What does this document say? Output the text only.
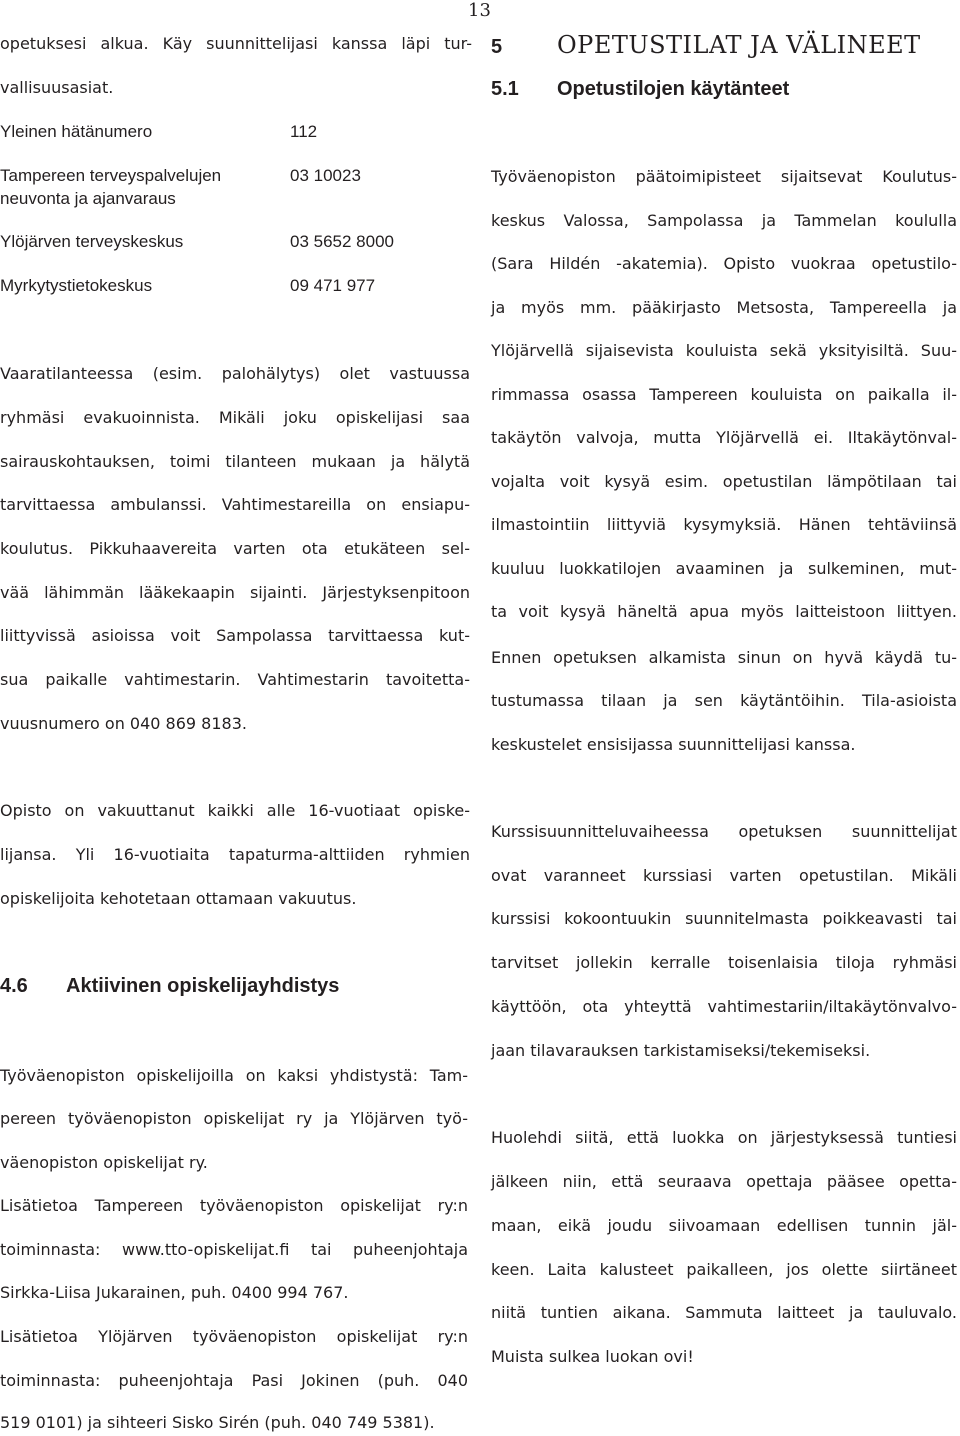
13
opetuksesi alkua. Käy suunnittelijasi kanssa läpi tur-
vallisuusasiat.
Yleinen hätänumero	112
Tampereen terveyspalvelujen
neuvonta ja ajanvaraus
03 10023
Ylöjärven terveyskeskus	03 5652 8000
Myrkytystietokeskus	09 471 977
Vaaratilanteessa (esim. palohälytys) olet vastuussa
ryhmäsi evakuoinnista. Mikäli joku opiskelijasi saa
sairauskohtauksen, toimi tilanteen mukaan ja hälytä
tarvittaessa ambulanssi. Vahtimestareilla on ensiapu-
koulutus. Pikkuhaavereita varten ota etukäteen sel-
vää lähimmän lääkekaapin sijainti. Järjestyksenpitoon
liittyvissä asioissa voit Sampolassa tarvittaessa kut-
sua paikalle vahtimestarin. Vahtimestarin tavoitetta-
vuusnumero on 040 869 8183.
Opisto on vakuuttanut kaikki alle 16-vuotiaat opiske-
lijansa. Yli 16-vuotiaita tapaturma-alttiiden ryhmien
opiskelijoita kehotetaan ottamaan vakuutus.
4.6 Aktiivinen opiskelijayhdistys
Työväenopiston opiskelijoilla on kaksi yhdistystä: Tam-
pereen työväenopiston opiskelijat ry ja Ylöjärven työ-
väenopiston opiskelijat ry.
Lisätietoa Tampereen työväenopiston opiskelijat ry:n
toiminnasta: www.tto-opiskelijat.fi tai puheenjohtaja
Sirkka-Liisa Jukarainen, puh. 0400 994 767.
Lisätietoa Ylöjärven työväenopiston opiskelijat ry:n
toiminnasta: puheenjohtaja Pasi Jokinen (puh. 040
519 0101) ja sihteeri Sisko Sirén (puh. 040 749 5381).
5 OPETUSTILAT JA VÄLINEET
5.1 Opetustilojen käytänteet
Työväenopiston päätoimipisteet sijaitsevat Koulutus-
keskus Valossa, Sampolassa ja Tammelan koululla
(Sara Hildén -akatemia). Opisto vuokraa opetustilo-
ja myös mm. pääkirjasto Metsosta, Tampereella ja
Ylöjärvellä sijaisevista kouluista sekä yksityisiltä. Suu-
rimmassa osassa Tampereen kouluista on paikalla il-
takäytön valvoja, mutta Ylöjärvellä ei. Iltakäytönval-
vojalta voit kysyä esim. opetustilan lämpötilaan tai
ilmastointiin liittyviä kysymyksiä. Hänen tehtäviinsä
kuuluu luokkatilojen avaaminen ja sulkeminen, mut-
ta voit kysyä häneltä apua myös laitteistoon liittyen.
Ennen opetuksen alkamista sinun on hyvä käydä tu-
tustumassa tilaan ja sen käytäntöihin. Tila-asioista
keskustelet ensisijassa suunnittelijasi kanssa.
Kurssisuunnitteluvaiheessa opetuksen suunnittelijat
ovat varanneet kurssiasi varten opetustilan. Mikäli
kurssisi kokoontuukin suunnitelmasta poikkeavasti tai
tarvitset jollekin kerralle toisenlaisia tiloja ryhmäsi
käyttöön, ota yhteyttä vahtimestariin/iltakäytönvalvo-
jaan tilavarauksen tarkistamiseksi/tekemiseksi.
Huolehdi siitä, että luokka on järjestyksessä tuntiesi
jälkeen niin, että seuraava opettaja pääsee opetta-
maan, eikä joudu siivoamaan edellisen tunnin jäl-
keen. Laita kalusteet paikalleen, jos olette siirtäneet
niitä tuntien aikana. Sammuta laitteet ja tauluvalo.
Muista sulkea luokan ovi!
